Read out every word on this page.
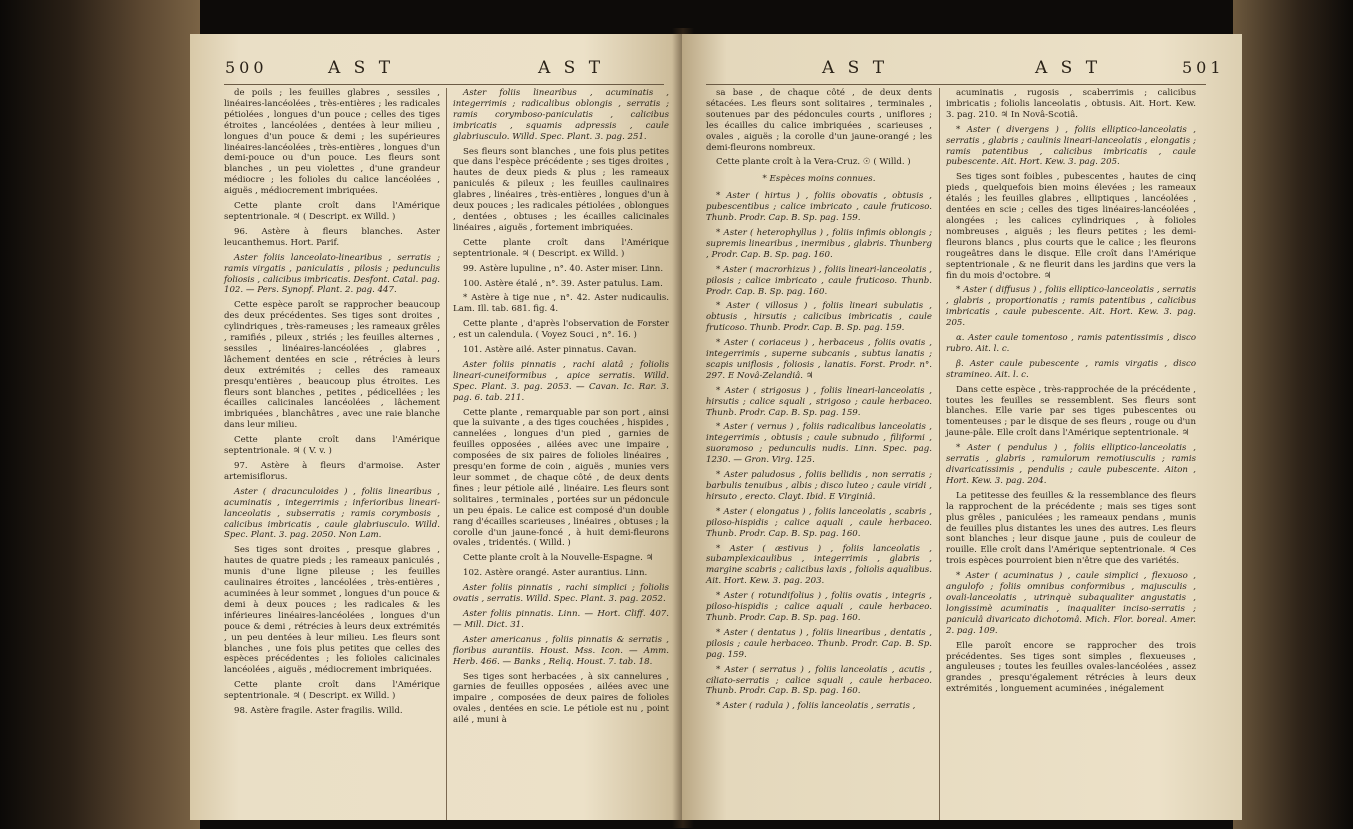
500	A S T	A S T

de poils ; les feuilles glabres , sessiles , linéaires-lancéolées , très-entières ; les radicales pétiolées , longues d'un pouce ; celles des tiges étroites , lancéolées , dentées à leur milieu , longues d'un pouce & demi ; les supérieures linéaires-lancéolées , très-entières , longues d'un demi-pouce ou d'un pouce. Les fleurs sont blanches , un peu violettes , d'une grandeur médiocre ; les folioles du calice lancéolées , aiguës , médiocrement imbriquées.

Cette plante croît dans l'Amérique septentrionale. ♃ ( Descript. ex Willd. )

96. Astère à fleurs blanches. Aster leucanthemus. Hort. Parif.

Aster foliis lanceolato-linearibus , serratis ; ramis virgatis , paniculatis , pilosis ; pedunculis foliosis , calicibus imbricatis. Desfont. Catal. pag. 102. — Pers. Synopf. Plant. 2. pag. 447.

Cette espèce paroît se rapprocher beaucoup des deux précédentes. Ses tiges sont droites , cylindriques , très-rameuses ; les rameaux grêles , ramifiés , pileux , striés ; les feuilles alternes , sessiles , linéaires-lancéolées , glabres , lâchement dentées en scie , rétrécies à leurs deux extrémités ; celles des rameaux presqu'entières , beaucoup plus étroites. Les fleurs sont blanches , petites , pédicellées ; les écailles calicinales lancéolées , lâchement imbriquées , blanchâtres , avec une raie blanche dans leur milieu.

Cette plante croît dans l'Amérique septentrionale. ♃ ( V. v. )

97. Astère à fleurs d'armoise. Aster artemisiflorus.

Aster ( dracunculoides ) , foliis linearibus , acuminatis , integerrimis ; inferioribus lineari-lanceolatis , subserratis ; ramis corymbosis , calicibus imbricatis , caule glabriusculo. Willd. Spec. Plant. 3. pag. 2050. Non Lam.

Ses tiges sont droites , presque glabres , hautes de quatre pieds ; les rameaux paniculés , munis d'une ligne pileuse ; les feuilles caulinaires étroites , lancéolées , très-entières , acuminées à leur sommet , longues d'un pouce & demi à deux pouces ; les radicales & les inférieures linéaires-lancéolées , longues d'un pouce & demi , rétrécies à leurs deux extrémités , un peu dentées à leur milieu. Les fleurs sont blanches , une fois plus petites que celles des espèces précédentes ; les folioles calicinales lancéolées , aiguës , médiocrement imbriquées.

Cette plante croît dans l'Amérique septentrionale. ♃ ( Descript. ex Willd. )

98. Astère fragile. Aster fragilis. Willd.

Aster foliis linearibus , acuminatis , integerrimis ; radicalibus oblongis , serratis ; ramis corymboso-paniculatis , calicibus imbricatis , squamis adpressis , caule glabriusculo. Willd. Spec. Plant. 3. pag. 251.

Ses fleurs sont blanches , une fois plus petites que dans l'espèce précédente ; ses tiges droites , hautes de deux pieds & plus ; les rameaux paniculés & pileux ; les feuilles caulinaires glabres , linéaires , très-entières , longues d'un à deux pouces ; les radicales pétiolées , oblongues , dentées , obtuses ; les écailles calicinales linéaires , aiguës , fortement imbriquées.

Cette plante croît dans l'Amérique septentrionale. ♃ ( Descript. ex Willd. )

99. Astère lupuline , n°. 40. Aster miser. Linn.

100. Astère étalé , n°. 39. Aster patulus. Lam.

* Astère à tige nue , n°. 42. Aster nudicaulis. Lam. Ill. tab. 681. fig. 4.

Cette plante , d'après l'observation de Forster , est un calendula. ( Voyez Souci , n°. 16. )

101. Astère ailé. Aster pinnatus. Cavan.

Aster foliis pinnatis , rachi alatâ ; foliolis lineari-cuneiformibus , apice serratis. Willd. Spec. Plant. 3. pag. 2053. — Cavan. Ic. Rar. 3. pag. 6. tab. 211.

Cette plante , remarquable par son port , ainsi que la suivante , a des tiges couchées , hispides , cannelées , longues d'un pied , garnies de feuilles opposées , ailées avec une impaire , composées de six paires de folioles linéaires , presqu'en forme de coin , aiguës , munies vers leur sommet , de chaque côté , de deux dents fines ; leur pétiole ailé , linéaire. Les fleurs sont solitaires , terminales , portées sur un pédoncule un peu épais. Le calice est composé d'un double rang d'écailles scarieuses , linéaires , obtuses ; la corolle d'un jaune-foncé , à huit demi-fleurons ovales , tridentés. ( Willd. )

Cette plante croît à la Nouvelle-Espagne. ♃

102. Astère orangé. Aster aurantius. Linn.

Aster foliis pinnatis , rachi simplici ; foliolis ovatis , serratis. Willd. Spec. Plant. 3. pag. 2052.

Aster foliis pinnatis. Linn. — Hort. Cliff. 407. — Mill. Dict. 31.

Aster americanus , foliis pinnatis & serratis , floribus aurantiis. Houst. Mss. Icon. — Amm. Herb. 466. — Banks , Reliq. Houst. 7. tab. 18.

Ses tiges sont herbacées , à six cannelures , garnies de feuilles opposées , ailées avec une impaire , composées de deux paires de folioles ovales , dentées en scie. Le pétiole est nu , point ailé , muni à

A S T	A S T	501

sa base , de chaque côté , de deux dents sétacées. Les fleurs sont solitaires , terminales , soutenues par des pédoncules courts , uniflores ; les écailles du calice imbriquées , scarieuses , ovales , aiguës ; la corolle d'un jaune-orangé ; les demi-fleurons nombreux.

Cette plante croît à la Vera-Cruz. ☉ ( Willd. )

* Espèces moins connues.

* Aster ( hirtus ) , foliis obovatis , obtusis , pubescentibus ; calice imbricato , caule fruticoso. Thunb. Prodr. Cap. B. Sp. pag. 159.

* Aster ( heterophyllus ) , foliis infimis oblongis ; supremis linearibus , inermibus , glabris. Thunberg , Prodr. Cap. B. Sp. pag. 160.

* Aster ( macrorhizus ) , foliis lineari-lanceolatis , pilosis ; calice imbricato , caule fruticoso. Thunb. Prodr. Cap. B. Sp. pag. 160.

* Aster ( villosus ) , foliis lineari subulatis , obtusis , hirsutis ; calicibus imbricatis , caule fruticoso. Thunb. Prodr. Cap. B. Sp. pag. 159.

* Aster ( coriaceus ) , herbaceus , foliis ovatis , integerrimis , superne subcanis , subtus lanatis ; scapis uniflosis , foliosis , lanatis. Forst. Prodr. n°. 297. E Novâ-Zelandiâ. ♃

* Aster ( strigosus ) , foliis lineari-lanceolatis , hirsutis ; calice squali , strigoso ; caule herbaceo. Thunb. Prodr. Cap. B. Sp. pag. 159.

* Aster ( vernus ) , foliis radicalibus lanceolatis , integerrimis , obtusis ; caule subnudo , filiformi , suoramoso ; pedunculis nudis. Linn. Spec. pag. 1230. — Gron. Virg. 125.

* Aster paludosus , foliis bellidis , non serratis ; barbulis tenuibus , albis ; disco luteo ; caule viridi , hirsuto , erecto. Clayt. Ibid. E Virginiâ.

* Aster ( elongatus ) , foliis lanceolatis , scabris , piloso-hispidis ; calice aquali , caule herbaceo. Thunb. Prodr. Cap. B. Sp. pag. 160.

* Aster ( æstivus ) , foliis lanceolatis , subamplexicaulibus , integerrimis , glabris , margine scabris ; calicibus laxis , foliolis aqualibus. Ait. Hort. Kew. 3. pag. 203.

* Aster ( rotundifolius ) , foliis ovatis , integris , piloso-hispidis ; calice aquali , caule herbaceo. Thunb. Prodr. Cap. B. Sp. pag. 160.

* Aster ( dentatus ) , foliis linearibus , dentatis , pilosis ; caule herbaceo. Thunb. Prodr. Cap. B. Sp. pag. 159.

* Aster ( serratus ) , foliis lanceolatis , acutis , ciliato-serratis ; calice squali , caule herbaceo. Thunb. Prodr. Cap. B. Sp. pag. 160.

* Aster ( radula ) , foliis lanceolatis , serratis ,

acuminatis , rugosis , scaberrimis ; calicibus imbricatis ; foliolis lanceolatis , obtusis. Ait. Hort. Kew. 3. pag. 210. ♃ In Novâ-Scotiâ.

* Aster ( divergens ) , foliis elliptico-lanceolatis , serratis , glabris ; caulinis lineari-lanceolatis , elongatis ; ramis patentibus , calicibus imbricatis , caule pubescente. Ait. Hort. Kew. 3. pag. 205.

Ses tiges sont foibles , pubescentes , hautes de cinq pieds , quelquefois bien moins élevées ; les rameaux étalés ; les feuilles glabres , elliptiques , lancéolées , dentées en scie ; celles des tiges linéaires-lancéolées , alongées ; les calices cylindriques , à folioles nombreuses , aiguës ; les fleurs petites ; les demi-fleurons blancs , plus courts que le calice ; les fleurons rougeâtres dans le disque. Elle croît dans l'Amérique septentrionale , & ne fleurit dans les jardins que vers la fin du mois d'octobre. ♃

* Aster ( diffusus ) , foliis elliptico-lanceolatis , serratis , glabris , proportionatis ; ramis patentibus , calicibus imbricatis , caule pubescente. Ait. Hort. Kew. 3. pag. 205.

α. Aster caule tomentoso , ramis patentissimis , disco rubro. Ait. l. c.

β. Aster caule pubescente , ramis virgatis , disco stramineo. Ait. l. c.

Dans cette espèce , très-rapprochée de la précédente , toutes les feuilles se ressemblent. Ses fleurs sont blanches. Elle varie par ses tiges pubescentes ou tomenteuses ; par le disque de ses fleurs , rouge ou d'un jaune-pâle. Elle croît dans l'Amérique septentrionale. ♃

* Aster ( pendulus ) , foliis elliptico-lanceolatis , serratis , glabris , ramulorum remotiusculis ; ramis divaricatissimis , pendulis ; caule pubescente. Aiton , Hort. Kew. 3. pag. 204.

La petitesse des feuilles & la ressemblance des fleurs la rapprochent de la précédente ; mais ses tiges sont plus grêles , paniculées ; les rameaux pendans , munis de feuilles plus distantes les unes des autres. Les fleurs sont blanches ; leur disque jaune , puis de couleur de rouille. Elle croît dans l'Amérique septentrionale. ♃ Ces trois espèces pourroient bien n'être que des variétés.

* Aster ( acuminatus ) , caule simplici , flexuoso , angulofo ; foliis omnibus conformibus , majusculis , ovali-lanceolatis , utrinquè subaqualiter angustatis , longissimè acuminatis , inaqualiter inciso-serratis ; paniculâ divaricato dichotomâ. Mich. Flor. boreal. Amer. 2. pag. 109.

Elle paroît encore se rapprocher des trois précédentes. Ses tiges sont simples , flexueuses , anguleuses ; toutes les feuilles ovales-lancéolées , assez grandes , presqu'également rétrécies à leurs deux extrémités , longuement acuminées , inégalement
